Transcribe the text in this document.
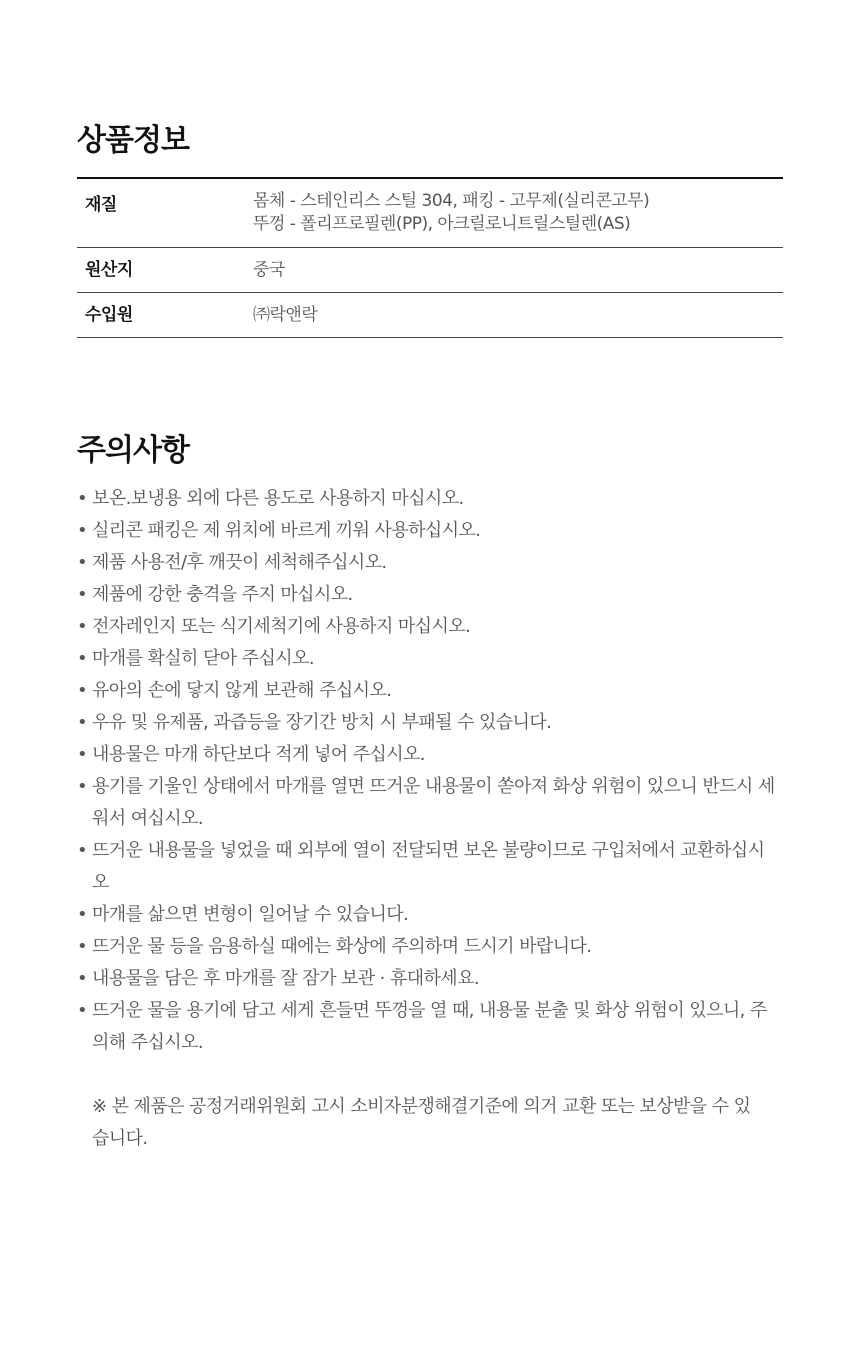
상품정보
재질	몸체 - 스테인리스 스틸 304, 패킹 - 고무제(실리콘고무)
뚜껑 - 폴리프로필렌(PP), 아크릴로니트릴스틸렌(AS)

원산지	중국
수입원	㈜락앤락
주의사항
• 보온.보냉용 외에 다른 용도로 사용하지 마십시오.
• 실리콘 패킹은 제 위치에 바르게 끼워 사용하십시오.
• 제품 사용전/후 깨끗이 세척해주십시오.
• 제품에 강한 충격을 주지 마십시오.
• 전자레인지 또는 식기세척기에 사용하지 마십시오.
• 마개를 확실히 닫아 주십시오.
• 유아의 손에 닿지 않게 보관해 주십시오.
• 우유 및 유제품, 과즙등을 장기간 방치 시 부패될 수 있습니다.
• 내용물은 마개 하단보다 적게 넣어 주십시오.
• 용기를 기울인 상태에서 마개를 열면 뜨거운 내용물이 쏟아져 화상 위험이 있으니 반드시 세워서 여십시오.
• 뜨거운 내용물을 넣었을 때 외부에 열이 전달되면 보온 불량이므로 구입처에서 교환하십시오
• 마개를 삶으면 변형이 일어날 수 있습니다.
• 뜨거운 물 등을 음용하실 때에는 화상에 주의하며 드시기 바랍니다.
• 내용물을 담은 후 마개를 잘 잠가 보관 · 휴대하세요.
• 뜨거운 물을 용기에 담고 세게 흔들면 뚜껑을 열 때, 내용물 분출 및 화상 위험이 있으니, 주의해 주십시오.
※ 본 제품은 공정거래위원회 고시 소비자분쟁해결기준에 의거 교환 또는 보상받을 수 있습니다.
